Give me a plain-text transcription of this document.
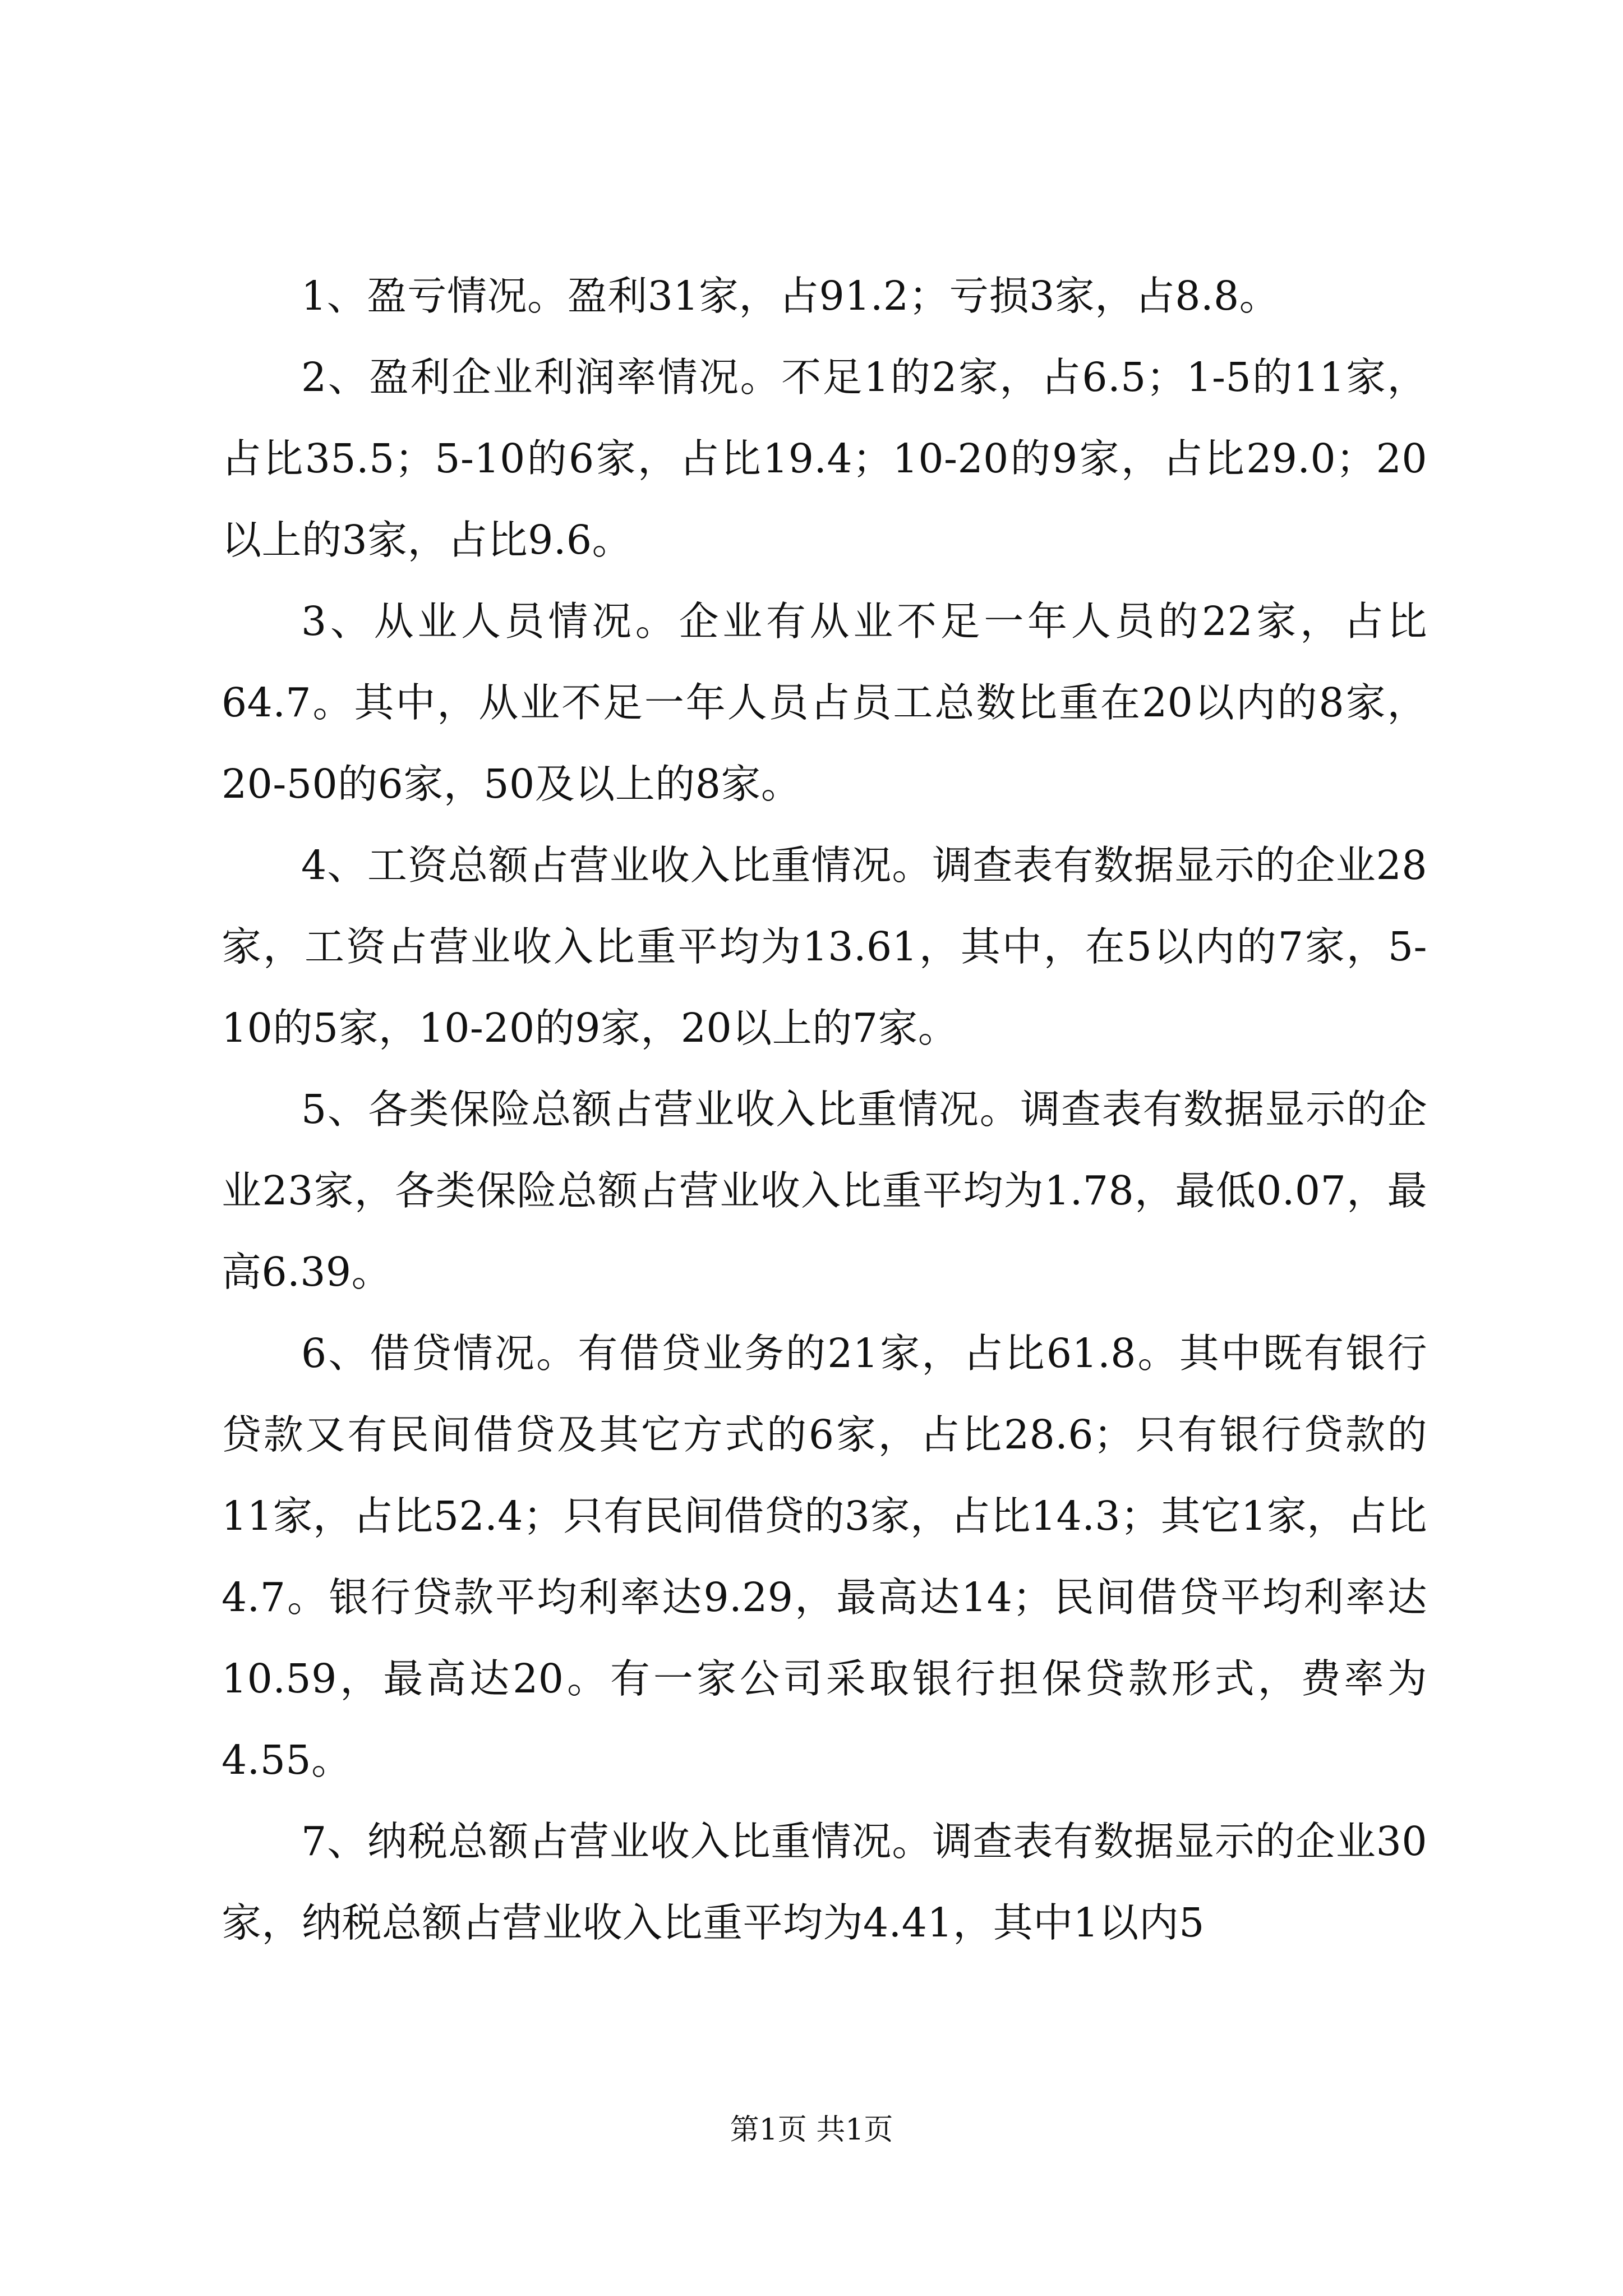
1、盈亏情况。盈利31家，占91.2；亏损3家，占8.8。

2、盈利企业利润率情况。不足1的2家，占6.5；1-5的11家，占比35.5；5-10的6家，占比19.4；10-20的9家，占比29.0；20以上的3家，占比9.6。

3、从业人员情况。企业有从业不足一年人员的22家，占比64.7。其中，从业不足一年人员占员工总数比重在20以内的8家，20-50的6家，50及以上的8家。

4、工资总额占营业收入比重情况。调查表有数据显示的企业28家，工资占营业收入比重平均为13.61，其中，在5以内的7家，5-10的5家，10-20的9家，20以上的7家。

5、各类保险总额占营业收入比重情况。调查表有数据显示的企业23家，各类保险总额占营业收入比重平均为1.78，最低0.07，最高6.39。

6、借贷情况。有借贷业务的21家，占比61.8。其中既有银行贷款又有民间借贷及其它方式的6家，占比28.6；只有银行贷款的11家，占比52.4；只有民间借贷的3家，占比14.3；其它1家，占比4.7。银行贷款平均利率达9.29，最高达14；民间借贷平均利率达10.59，最高达20。有一家公司采取银行担保贷款形式，费率为4.55。

7、纳税总额占营业收入比重情况。调查表有数据显示的企业30家，纳税总额占营业收入比重平均为4.41，其中1以内5

第1页 共1页
